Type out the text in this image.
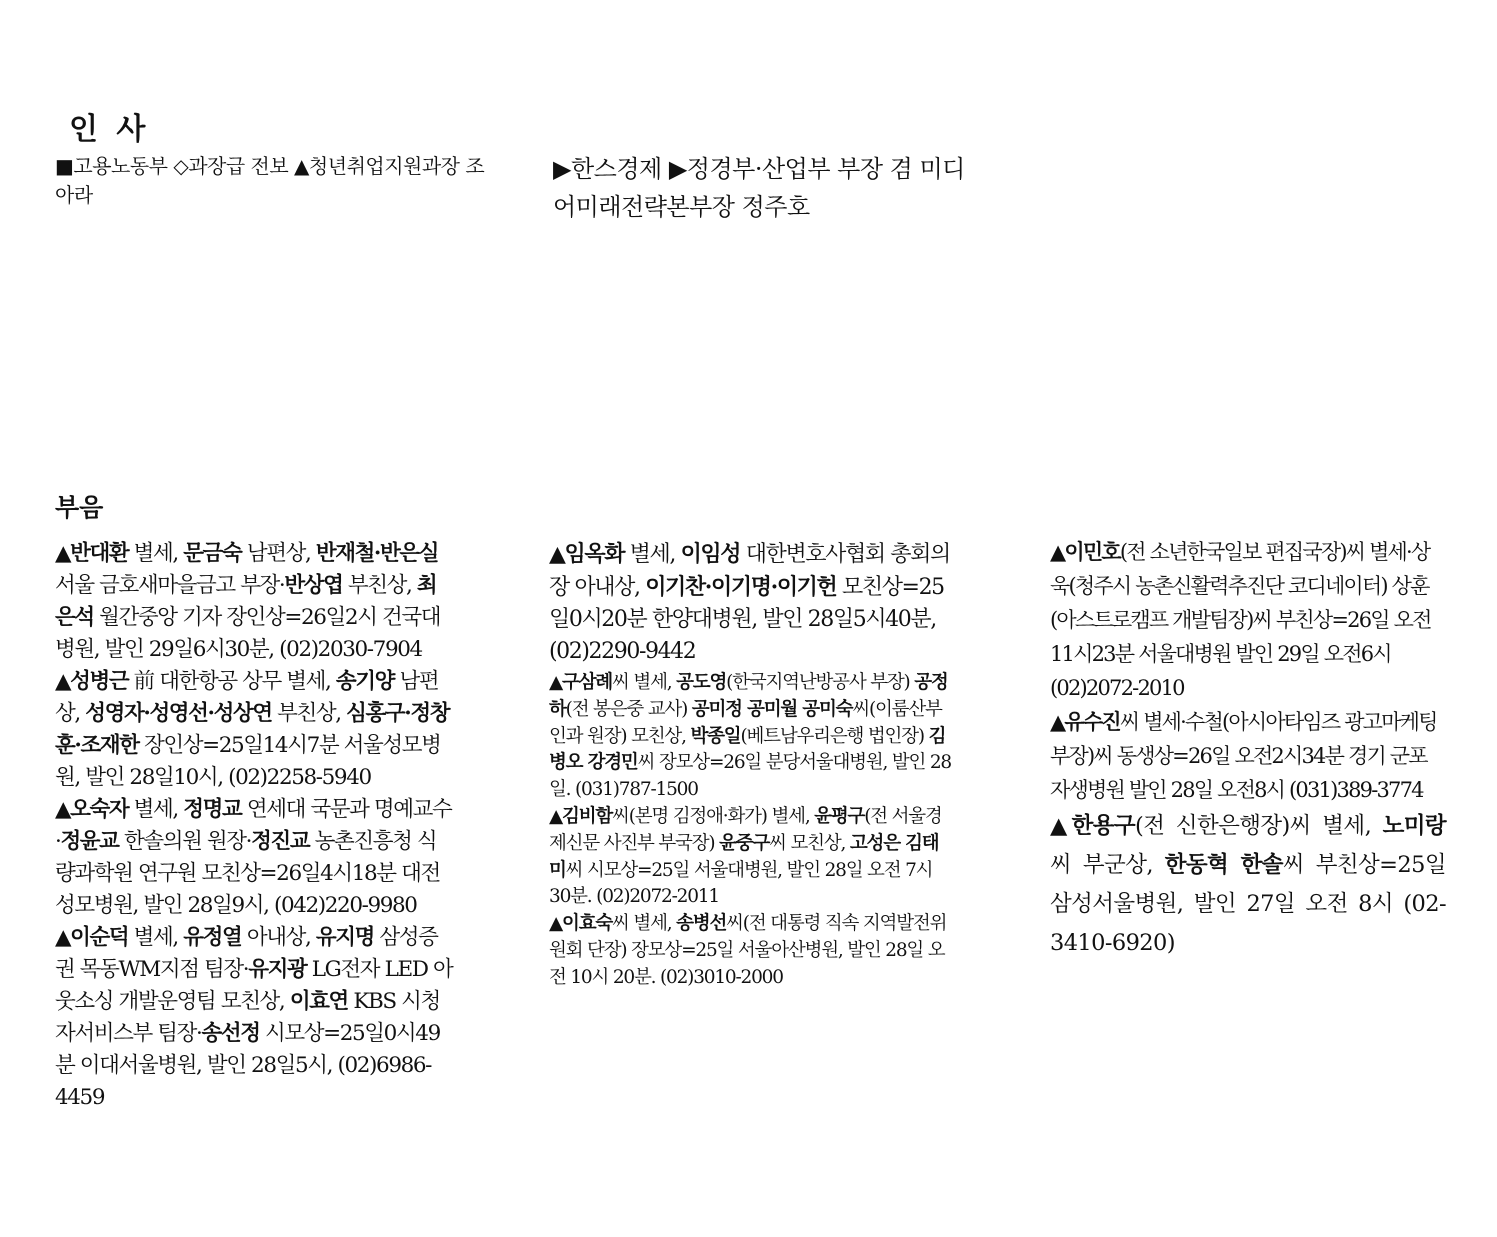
인 사
■고용노동부 ◇과장급 전보 ▲청년취업지원과장 조아라
▶한스경제 ▶정경부·산업부 부장 겸 미디어미래전략본부장 정주호
부음

▲반대환 별세, 문금숙 남편상, 반재철·반은실 서울 금호새마을금고 부장·반상엽 부친상, 최은석 월간중앙 기자 장인상=26일2시 건국대병원, 발인 29일6시30분, (02)2030-7904

▲성병근 前 대한항공 상무 별세, 송기양 남편상, 성영자·성영선·성상연 부친상, 심홍구·정창훈·조재한 장인상=25일14시7분 서울성모병원, 발인 28일10시, (02)2258-5940

▲오숙자 별세, 정명교 연세대 국문과 명예교수·정윤교 한솔의원 원장·정진교 농촌진흥청 식량과학원 연구원 모친상=26일4시18분 대전성모병원, 발인 28일9시, (042)220-9980

▲이순덕 별세, 유정열 아내상, 유지명 삼성증권 목동WM지점 팀장·유지광 LG전자 LED 아웃소싱 개발운영팀 모친상, 이효연 KBS 시청자서비스부 팀장·송선정 시모상=25일0시49분 이대서울병원, 발인 28일5시, (02)6986-4459

▲임옥화 별세, 이임성 대한변호사협회 총회의장 아내상, 이기찬·이기명·이기헌 모친상=25일0시20분 한양대병원, 발인 28일5시40분, (02)2290-9442

▲구삼례씨 별세, 공도영(한국지역난방공사 부장) 공정하(전 봉은중 교사) 공미정 공미월 공미숙씨(이룸산부인과 원장) 모친상, 박종일(베트남우리은행 법인장) 김병오 강경민씨 장모상=26일 분당서울대병원, 발인 28일. (031)787-1500

▲김비함씨(본명 김정애·화가) 별세, 윤평구(전 서울경제신문 사진부 부국장) 윤중구씨 모친상, 고성은 김태미씨 시모상=25일 서울대병원, 발인 28일 오전 7시 30분. (02)2072-2011

▲이효숙씨 별세, 송병선씨(전 대통령 직속 지역발전위원회 단장) 장모상=25일 서울아산병원, 발인 28일 오전 10시 20분. (02)3010-2000

▲이민호(전 소년한국일보 편집국장)씨 별세·상욱(청주시 농촌신활력추진단 코디네이터) 상훈(아스트로캠프 개발팀장)씨 부친상=26일 오전11시23분 서울대병원 발인 29일 오전6시 (02)2072-2010

▲유수진씨 별세·수철(아시아타임즈 광고마케팅부장)씨 동생상=26일 오전2시34분 경기 군포 자생병원 발인 28일 오전8시 (031)389-3774

▲한용구(전 신한은행장)씨 별세, 노미랑씨 부군상, 한동혁 한솔씨 부친상=25일 삼성서울병원, 발인 27일 오전 8시 (02-3410-6920)
